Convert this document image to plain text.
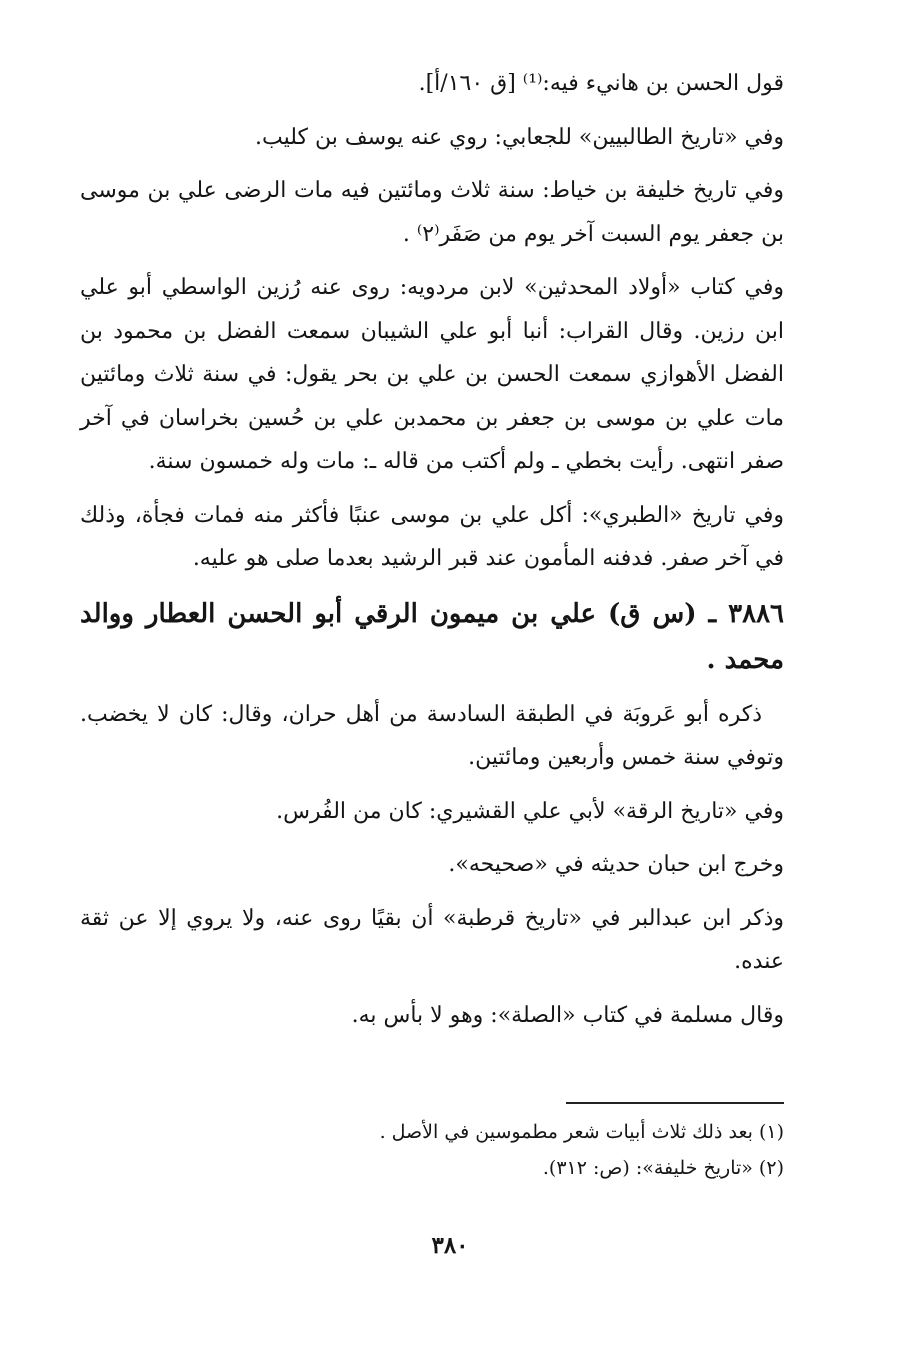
قول الحسن بن هانيء فيه:⁽¹⁾ [ق ١٦٠/أ].

وفي «تاريخ الطالبيين» للجعابي: روي عنه يوسف بن كليب.

وفي تاريخ خليفة بن خياط: سنة ثلاث ومائتين فيه مات الرضى علي بن موسى بن جعفر يوم السبت آخر يوم من صَفَر⁽٢⁾ .

وفي كتاب «أولاد المحدثين» لابن مردويه: روى عنه رُزين الواسطي أبو علي ابن رزين. وقال القراب: أنبا أبو علي الشيبان سمعت الفضل بن محمود بن الفضل الأهوازي سمعت الحسن بن علي بن بحر يقول: في سنة ثلاث ومائتين مات علي بن موسى بن جعفر بن محمدبن علي بن حُسين بخراسان في آخر صفر انتهى. رأيت بخطي ـ ولم أكتب من قاله ـ: مات وله خمسون سنة.

وفي تاريخ «الطبري»: أكل علي بن موسى عنبًا فأكثر منه فمات فجأة، وذلك في آخر صفر. فدفنه المأمون عند قبر الرشيد بعدما صلى هو عليه.

٣٨٨٦ ـ (س ق) علي بن ميمون الرقي أبو الحسن العطار ووالد محمد .

ذكره أبو عَروبَة في الطبقة السادسة من أهل حران، وقال: كان لا يخضب. وتوفي سنة خمس وأربعين ومائتين.

وفي «تاريخ الرقة» لأبي علي القشيري: كان من الفُرس.

وخرج ابن حبان حديثه في «صحيحه».

وذكر ابن عبدالبر في «تاريخ قرطبة» أن بقيًا روى عنه، ولا يروي إلا عن ثقة عنده.

وقال مسلمة في كتاب «الصلة»: وهو لا بأس به.

(١) بعد ذلك ثلاث أبيات شعر مطموسين في الأصل .
(٢) «تاريخ خليفة»: (ص: ٣١٢).
٣٨٠
